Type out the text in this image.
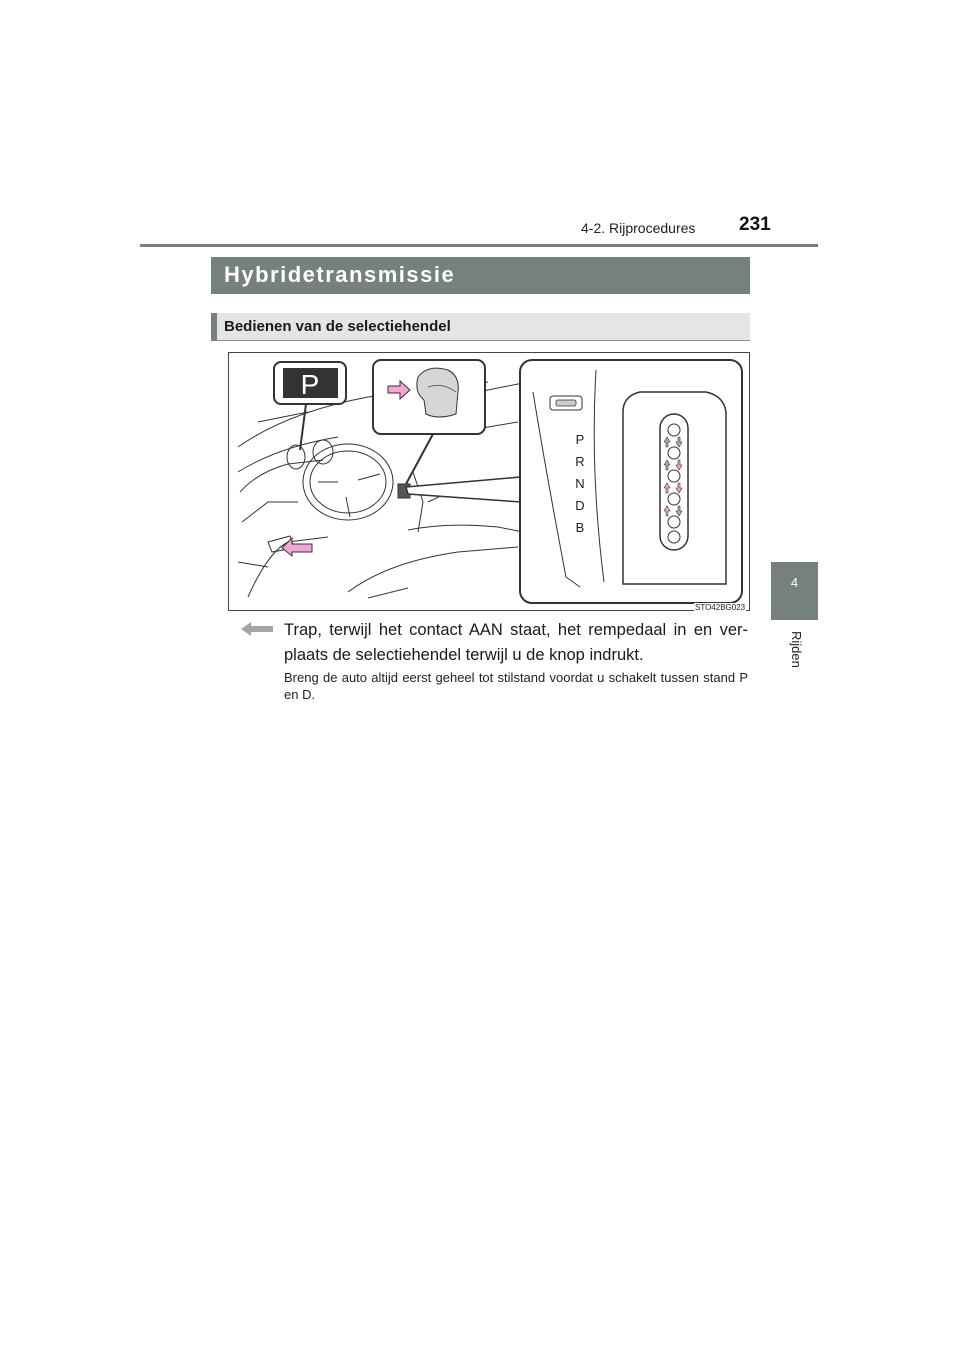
4-2. Rijprocedures 231
4
Rijden
Hybridetransmissie
Bedienen van de selectiehendel
P
P
R
N
D
B
STO42BG023
Trap, terwijl het contact AAN staat, het rempedaal in en ver-plaats de selectiehendel terwijl u de knop indrukt.
Breng de auto altijd eerst geheel tot stilstand voordat u schakelt tussen stand P en D.
